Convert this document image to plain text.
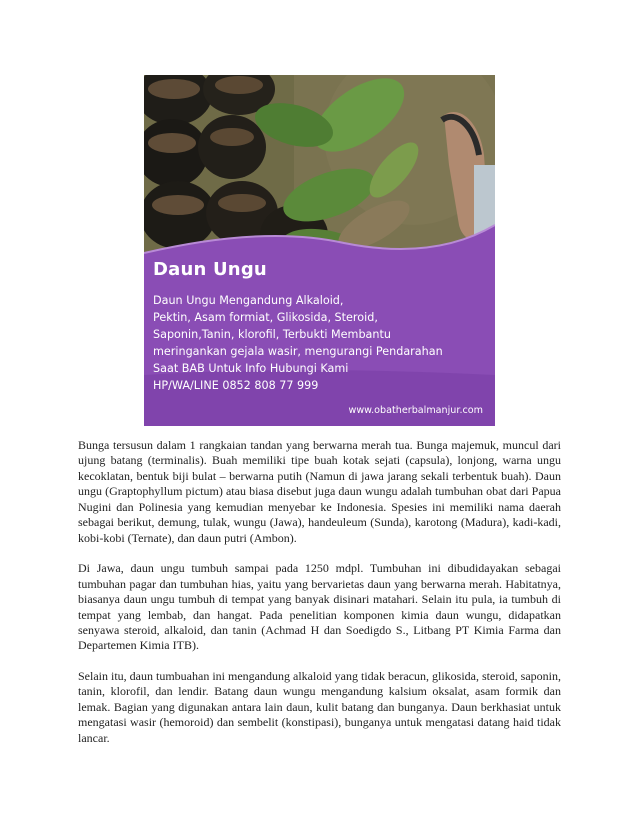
Daun Ungu
Daun Ungu Mengandung Alkaloid,
Pektin, Asam formiat, Glikosida, Steroid,
Saponin,Tanin, klorofil, Terbukti Membantu
meringankan gejala wasir, mengurangi Pendarahan
Saat BAB Untuk Info Hubungi Kami
HP/WA/LINE 0852 808 77 999
www.obatherbalmanjur.com

Bunga tersusun dalam 1 rangkaian tandan yang berwarna merah tua. Bunga majemuk, muncul dari ujung batang (terminalis). Buah memiliki tipe buah kotak sejati (capsula), lonjong, warna ungu kecoklatan, bentuk biji bulat – berwarna putih (Namun di jawa jarang sekali terbentuk buah). Daun ungu (Graptophyllum pictum) atau biasa disebut juga daun wungu adalah tumbuhan obat dari Papua Nugini dan Polinesia yang kemudian menyebar ke Indonesia. Spesies ini memiliki nama daerah sebagai berikut, demung, tulak, wungu (Jawa), handeuleum (Sunda), karotong (Madura), kadi-kadi, kobi-kobi (Ternate), dan daun putri (Ambon).

Di Jawa, daun ungu tumbuh sampai pada 1250 mdpl. Tumbuhan ini dibudidayakan sebagai tumbuhan pagar dan tumbuhan hias, yaitu yang bervarietas daun yang berwarna merah. Habitatnya, biasanya daun ungu tumbuh di tempat yang banyak disinari matahari. Selain itu pula, ia tumbuh di tempat yang lembab, dan hangat. Pada penelitian komponen kimia daun wungu, didapatkan senyawa steroid, alkaloid, dan tanin (Achmad H dan Soedigdo S., Litbang PT Kimia Farma dan Departemen Kimia ITB).

Selain itu, daun tumbuahan ini mengandung alkaloid yang tidak beracun, glikosida, steroid, saponin, tanin, klorofil, dan lendir. Batang daun wungu mengandung kalsium oksalat, asam formik dan lemak. Bagian yang digunakan antara lain daun, kulit batang dan bunganya. Daun berkhasiat untuk mengatasi wasir (hemoroid) dan sembelit (konstipasi), bunganya untuk mengatasi datang haid tidak lancar.
